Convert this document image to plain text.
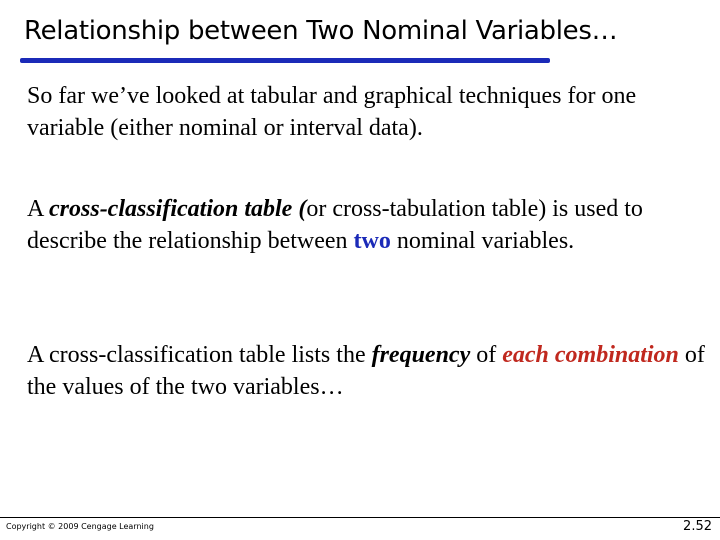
Relationship between Two Nominal Variables…
So far we’ve looked at tabular and graphical techniques for one variable (either nominal or interval data).
A cross-classification table (or cross-tabulation table) is used to describe the relationship between two nominal variables.
A cross-classification table lists the frequency of each combination of the values of the two variables…
Copyright © 2009 Cengage Learning	2.52
